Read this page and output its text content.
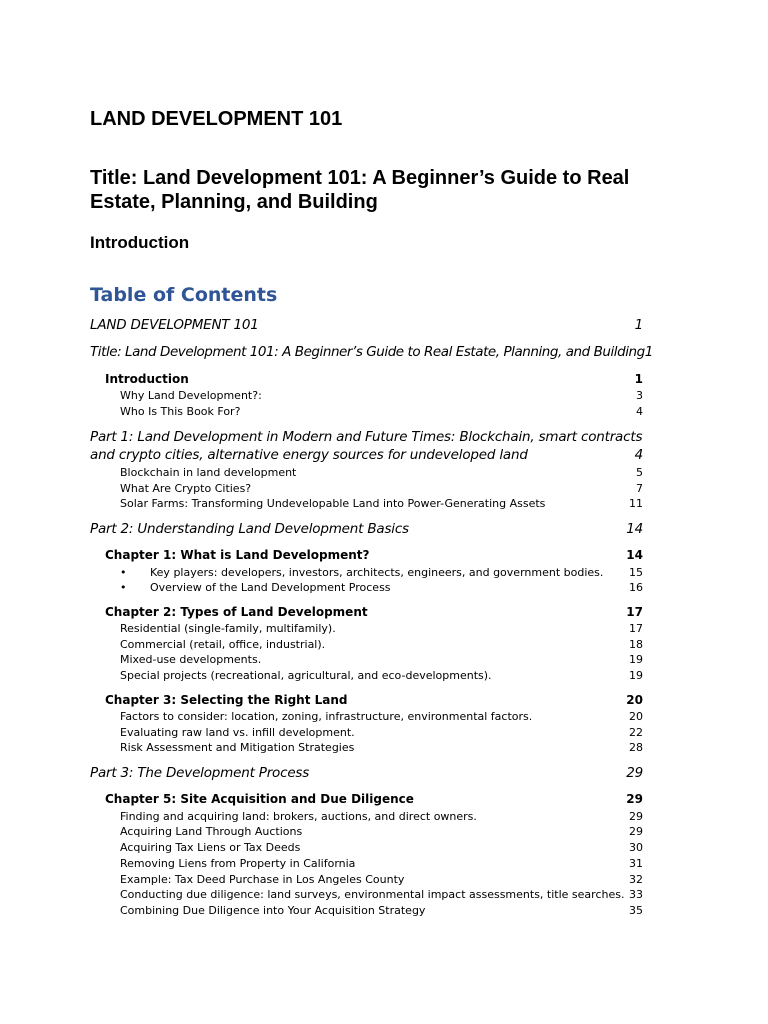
LAND DEVELOPMENT 101
Title: Land Development 101: A Beginner’s Guide to Real Estate, Planning, and Building
Introduction
Table of Contents
LAND DEVELOPMENT 101	1
Title: Land Development 101: A Beginner’s Guide to Real Estate, Planning, and Building 1
Introduction	1
Why Land Development?:	3
Who Is This Book For?	4
Part 1: Land Development in Modern and Future Times: Blockchain, smart contracts and crypto cities, alternative energy sources for undeveloped land	4
Blockchain in land development	5
What Are Crypto Cities?	7
Solar Farms: Transforming Undevelopable Land into Power-Generating Assets	11
Part 2: Understanding Land Development Basics	14
Chapter 1: What is Land Development?	14
• Key players: developers, investors, architects, engineers, and government bodies. 15
• Overview of the Land Development Process	16
Chapter 2: Types of Land Development	17
Residential (single-family, multifamily).	17
Commercial (retail, office, industrial).	18
Mixed-use developments.	19
Special projects (recreational, agricultural, and eco-developments).	19
Chapter 3: Selecting the Right Land	20
Factors to consider: location, zoning, infrastructure, environmental factors.	20
Evaluating raw land vs. infill development.	22
Risk Assessment and Mitigation Strategies	28
Part 3: The Development Process	29
Chapter 5: Site Acquisition and Due Diligence	29
Finding and acquiring land: brokers, auctions, and direct owners.	29
Acquiring Land Through Auctions	29
Acquiring Tax Liens or Tax Deeds	30
Removing Liens from Property in California	31
Example: Tax Deed Purchase in Los Angeles County	32
Conducting due diligence: land surveys, environmental impact assessments, title searches. 33
Combining Due Diligence into Your Acquisition Strategy	35
